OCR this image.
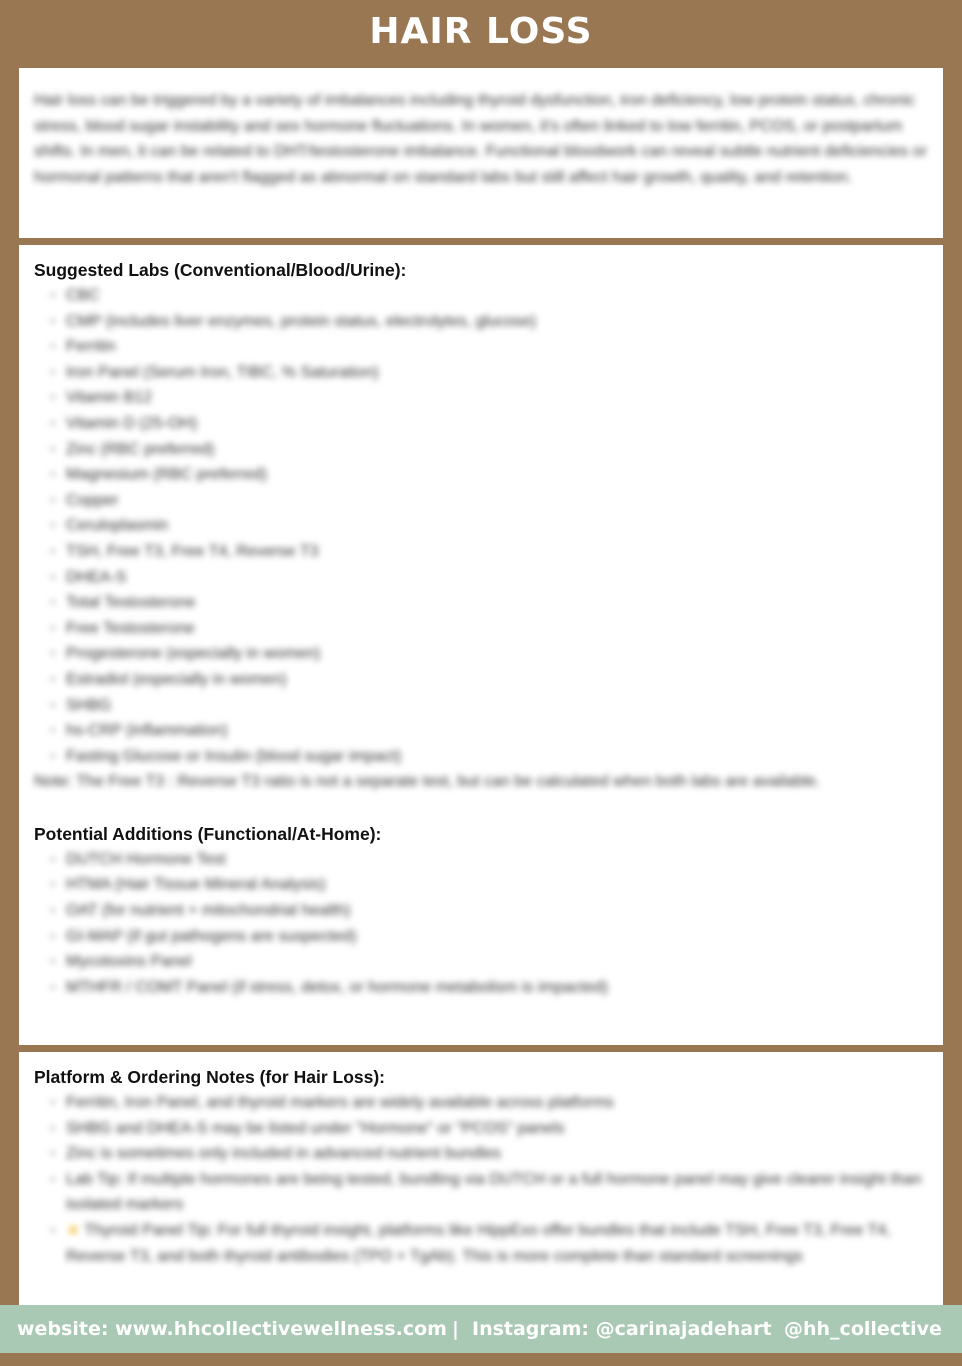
HAIR LOSS

Hair loss can be triggered by a variety of imbalances including thyroid dysfunction, iron deficiency, low protein status, chronic stress, blood sugar instability and sex hormone fluctuations. In women, it's often linked to low ferritin, PCOS, or postpartum shifts. In men, it can be related to DHT/testosterone imbalance. Functional bloodwork can reveal subtle nutrient deficiencies or hormonal patterns that aren't flagged as abnormal on standard labs but still affect hair growth, quality, and retention.

Suggested Labs (Conventional/Blood/Urine):
◦ CBC
◦ CMP (includes liver enzymes, protein status, electrolytes, glucose)
◦ Ferritin
◦ Iron Panel (Serum Iron, TIBC, % Saturation)
◦ Vitamin B12
◦ Vitamin D (25-OH)
◦ Zinc (RBC preferred)
◦ Magnesium (RBC preferred)
◦ Copper
◦ Ceruloplasmin
◦ TSH, Free T3, Free T4, Reverse T3
◦ DHEA-S
◦ Total Testosterone
◦ Free Testosterone
◦ Progesterone (especially in women)
◦ Estradiol (especially in women)
◦ SHBG
◦ hs-CRP (inflammation)
◦ Fasting Glucose or Insulin (blood sugar impact)

Note: The Free T3 : Reverse T3 ratio is not a separate test, but can be calculated when both labs are available.

Potential Additions (Functional/At-Home):
◦ DUTCH Hormone Test
◦ HTMA (Hair Tissue Mineral Analysis)
◦ OAT (for nutrient + mitochondrial health)
◦ GI-MAP (if gut pathogens are suspected)
◦ Mycotoxins Panel
◦ MTHFR / COMT Panel (if stress, detox, or hormone metabolism is impacted)
Platform & Ordering Notes (for Hair Loss):
◦ Ferritin, Iron Panel, and thyroid markers are widely available across platforms
◦ SHBG and DHEA-S may be listed under "Hormone" or "PCOS" panels
◦ Zinc is sometimes only included in advanced nutrient bundles
◦ Lab Tip: If multiple hormones are being tested, bundling via DUTCH or a full hormone panel may give clearer insight than isolated markers
◦ ★ Thyroid Panel Tip: For full thyroid insight, platforms like HippExo offer bundles that include TSH, Free T3, Free T4, Reverse T3, and both thyroid antibodies (TPO + TgAb). This is more complete than standard screenings
website: www.hhcollectivewellness.com | Instagram: @carinajadehart @hh_collective
